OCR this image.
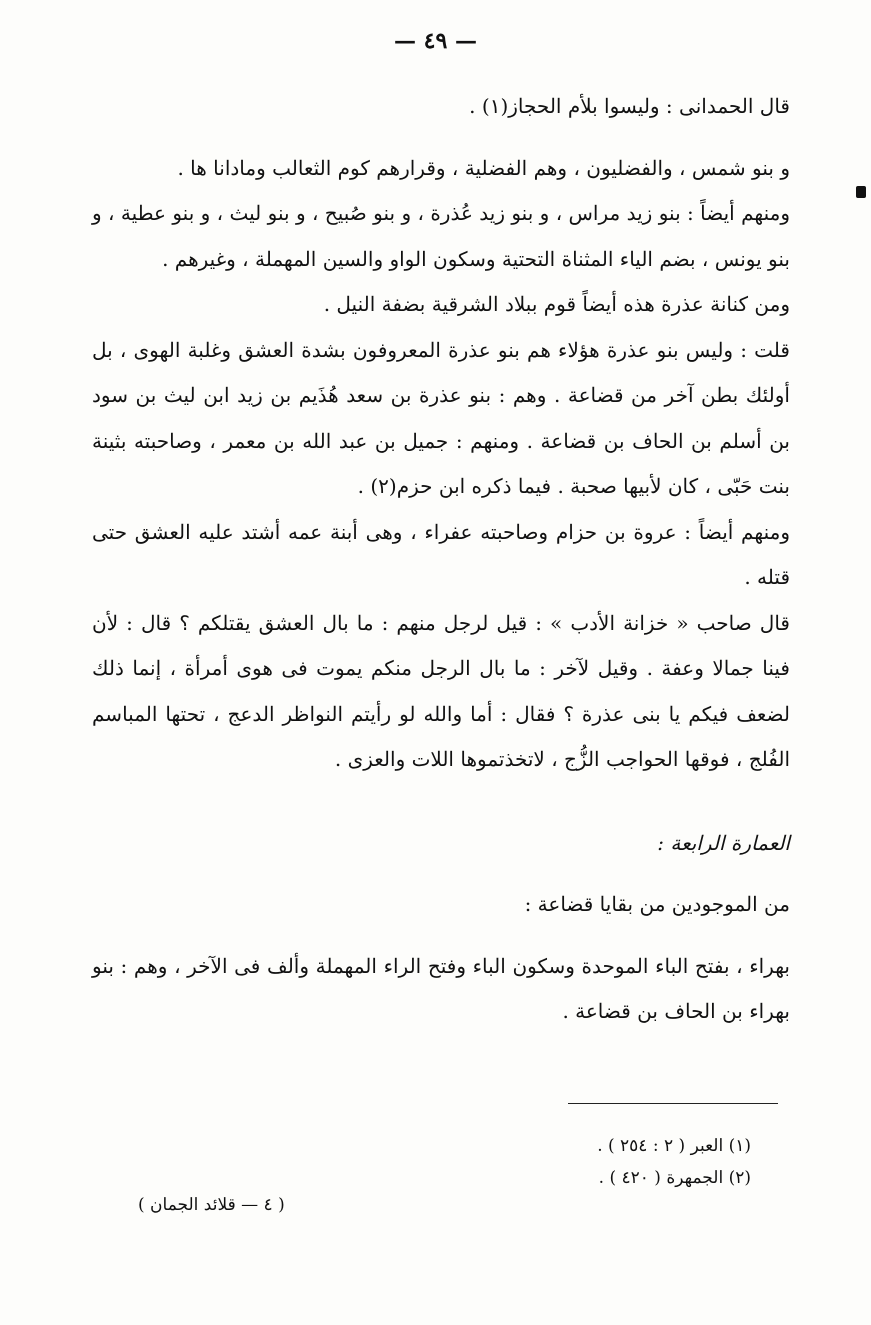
— ٤٩ —

قال الحمدانى : وليسوا بلأم الحجاز(١) .

و بنو شمس ، والفضليون ، وهم الفضلية ، وقرارهم كوم الثعالب ومادانا ها .

ومنهم أيضاً : بنو زيد مراس ، و بنو زيد عُذرة ، و بنو صُبيح ، و بنو ليث ، و بنو عطية ، و بنو يونس ، بضم الياء المثناة التحتية وسكون الواو والسين المهملة ، وغيرهم .

ومن كنانة عذرة هذه أيضاً قوم ببلاد الشرقية بضفة النيل .

قلت : وليس بنو عذرة هؤلاء هم بنو عذرة المعروفون بشدة العشق وغلبة الهوى ، بل أولئك بطن آخر من قضاعة . وهم : بنو عذرة بن سعد هُذَيم بن زيد ابن ليث بن سود بن أسلم بن الحاف بن قضاعة . ومنهم : جميل بن عبد الله بن معمر ، وصاحبته بثينة بنت حَبّى ، كان لأبيها صحبة . فيما ذكره ابن حزم(٢) .

ومنهم أيضاً : عروة بن حزام وصاحبته عفراء ، وهى أبنة عمه أشتد عليه العشق حتى قتله .

قال صاحب « خزانة الأدب » : قيل لرجل منهم : ما بال العشق يقتلكم ؟ قال : لأن فينا جمالا وعفة . وقيل لآخر : ما بال الرجل منكم يموت فى هوى أمرأة ، إنما ذلك لضعف فيكم يا بنى عذرة ؟ فقال : أما والله لو رأيتم النواظر الدعج ، تحتها المباسم الفُلج ، فوقها الحواجب الزُّج ، لاتخذتموها اللات والعزى .

العمارة الرابعة :

من الموجودين من بقايا قضاعة :

بهراء ، بفتح الباء الموحدة وسكون الباء وفتح الراء المهملة وألف فى الآخر ، وهم : بنو بهراء بن الحاف بن قضاعة .

(١) العبر ( ٢ : ٢٥٤ ) .
(٢) الجمهرة ( ٤٢٠ ) .
( ٤ — قلائد الجمان )
